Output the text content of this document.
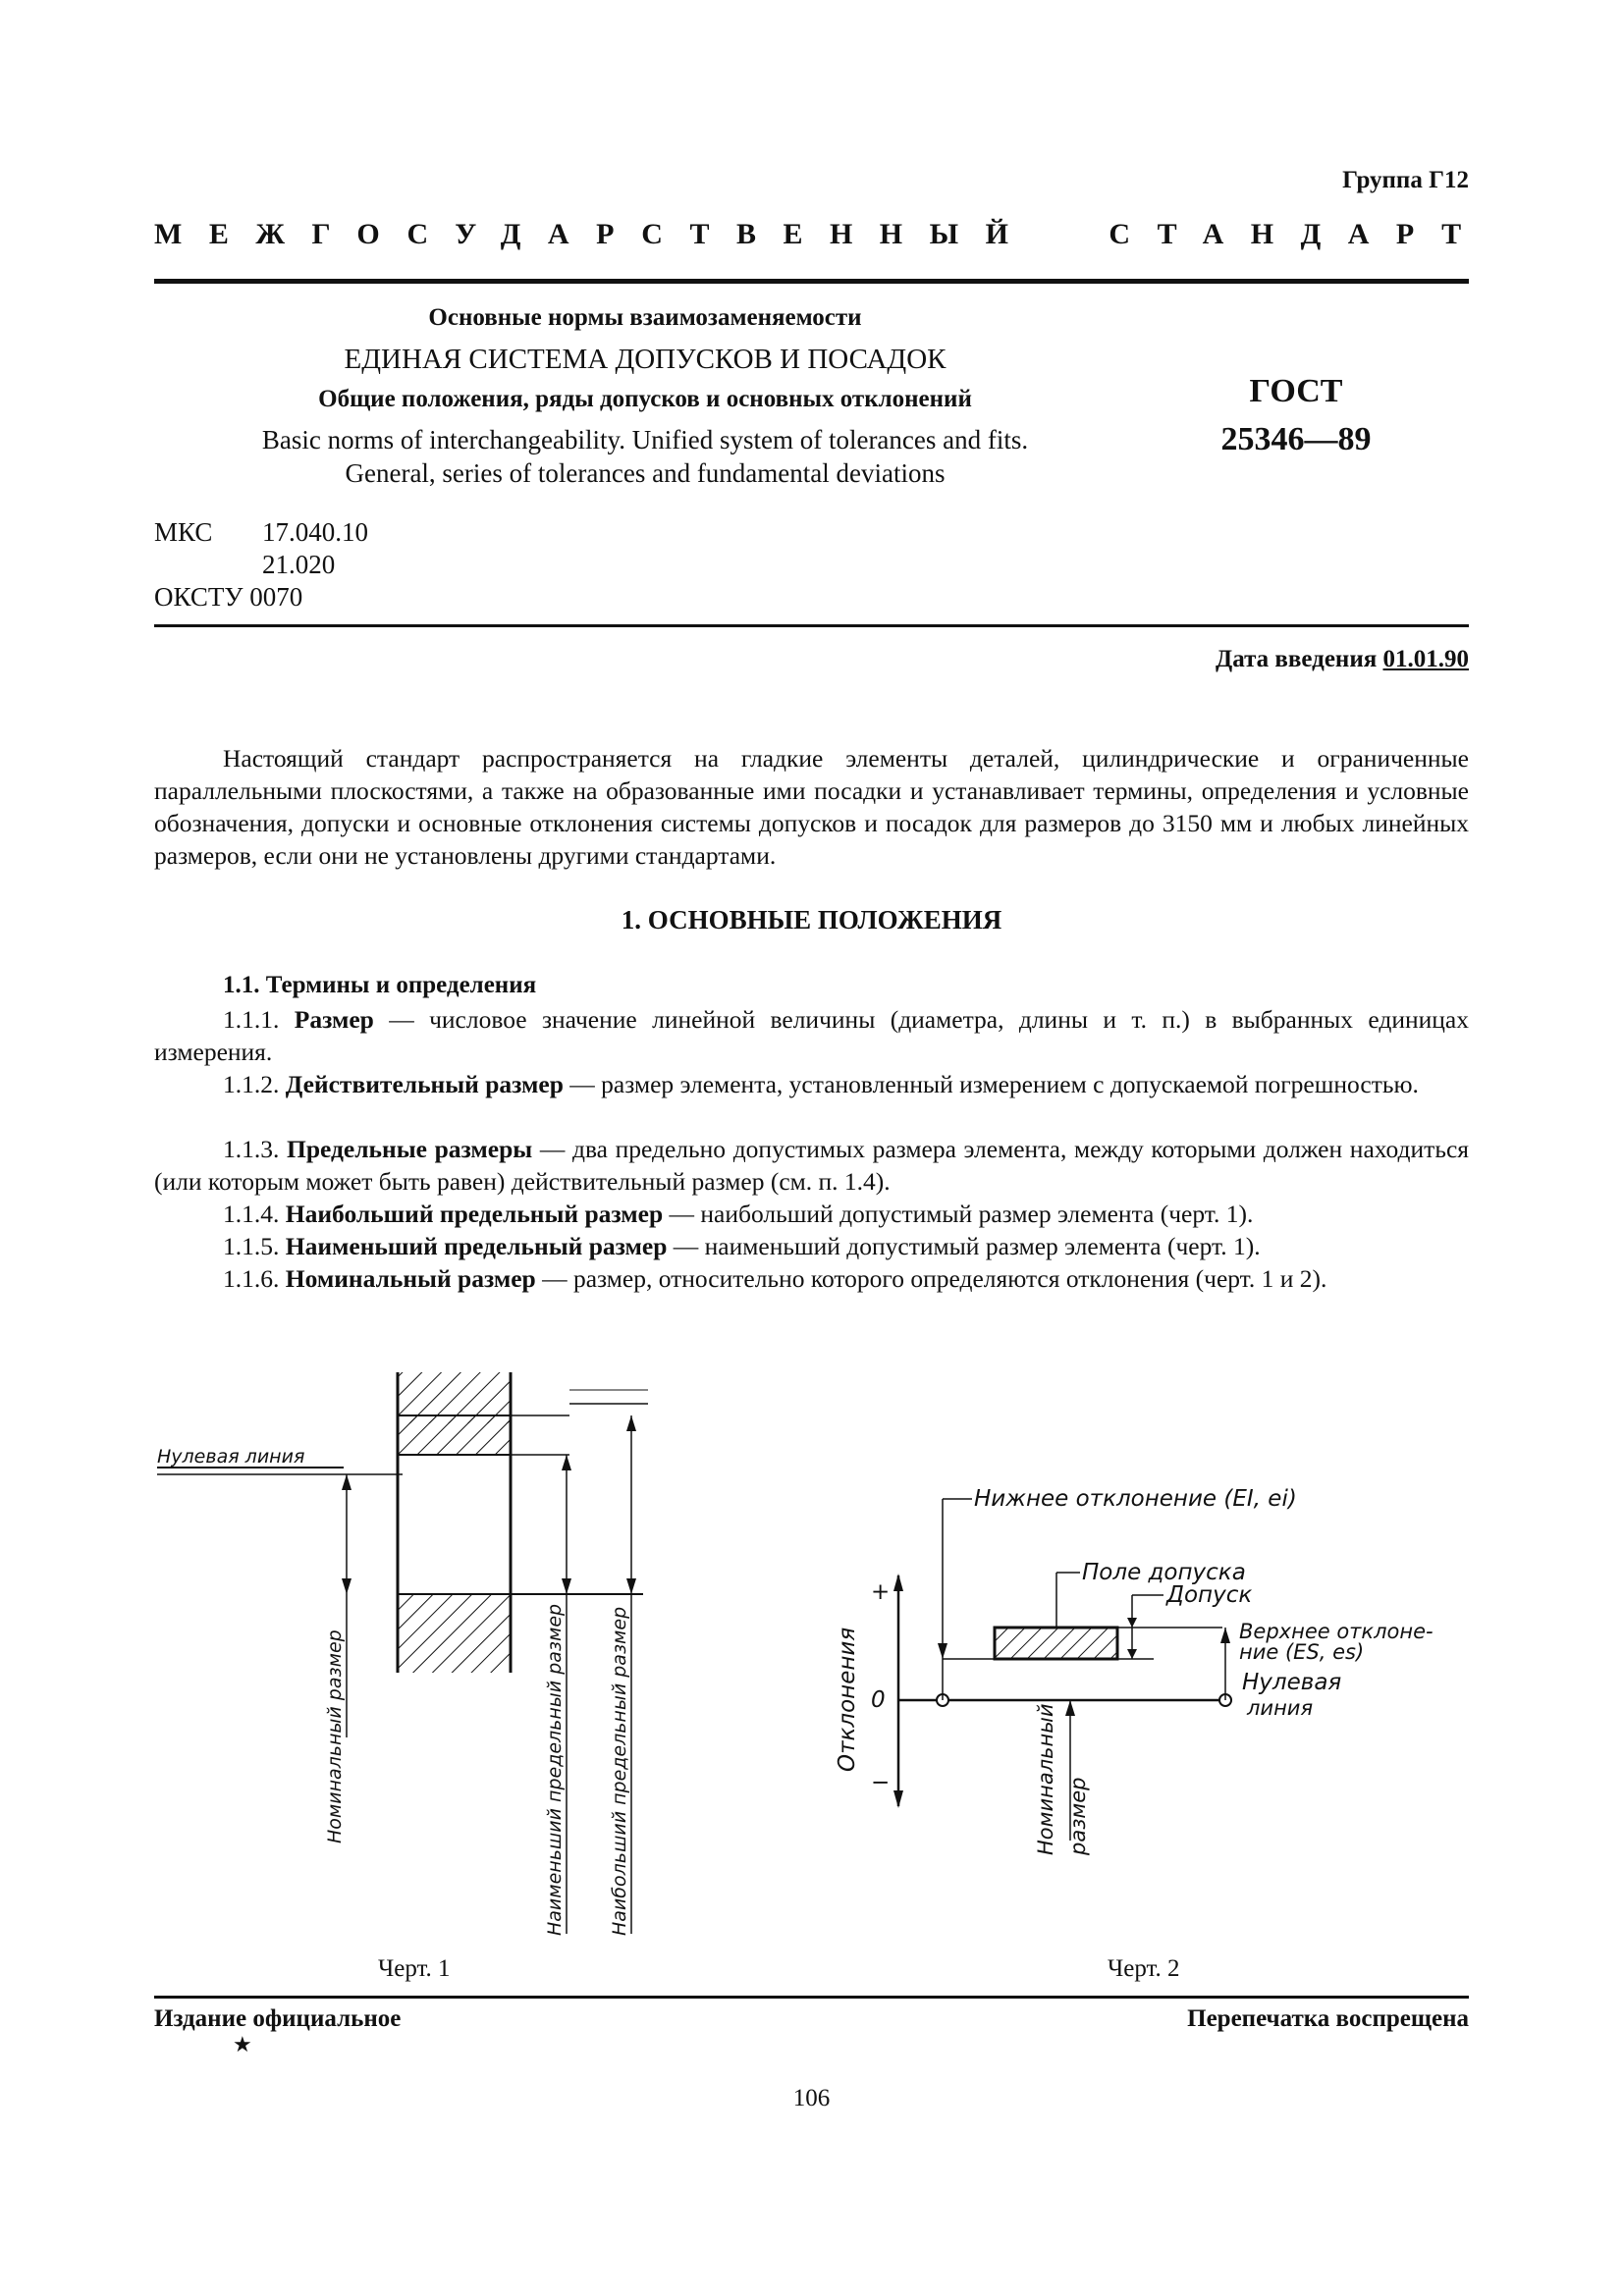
Группа Г12
МЕЖГОСУДАРСТВЕННЫЙ СТАНДАРТ
Основные нормы взаимозаменяемости
ЕДИНАЯ СИСТЕМА ДОПУСКОВ И ПОСАДОК
Общие положения, ряды допусков и основных отклонений
Basic norms of interchangeability. Unified system of tolerances and fits.
General, series of tolerances and fundamental deviations
ГОСТ
25346—89
МКС 17.040.10
21.020
ОКСТУ 0070
Дата введения 01.01.90
Настоящий стандарт распространяется на гладкие элементы деталей, цилиндрические и ограниченные параллельными плоскостями, а также на образованные ими посадки и устанавливает термины, определения и условные обозначения, допуски и основные отклонения системы допусков и посадок для размеров до 3150 мм и любых линейных размеров, если они не установлены другими стандартами.
1. ОСНОВНЫЕ ПОЛОЖЕНИЯ
1.1. Термины и определения
1.1.1. Размер — числовое значение линейной величины (диаметра, длины и т. п.) в выбранных единицах измерения.
1.1.2. Действительный размер — размер элемента, установленный измерением с допускаемой погрешностью.
1.1.3. Предельные размеры — два предельно допустимых размера элемента, между которыми должен находиться (или которым может быть равен) действительный размер (см. п. 1.4).
1.1.4. Наибольший предельный размер — наибольший допустимый размер элемента (черт. 1).
1.1.5. Наименьший предельный размер — наименьший допустимый размер элемента (черт. 1).
1.1.6. Номинальный размер — размер, относительно которого определяются отклонения (черт. 1 и 2).
Нулевая линия
Номинальный размер	Наименьший предельный размер Наибольший предельный размер
Черт. 1
Нижнее отклонение (EI, ei)
Поле допуска
Допуск
Верхнее отклоне-
ние (ES, es)
Нулевая
линия
Отклонения
+
0
−	Номинальный размер
Черт. 2
Издание официальное
★
Перепечатка воспрещена
106
